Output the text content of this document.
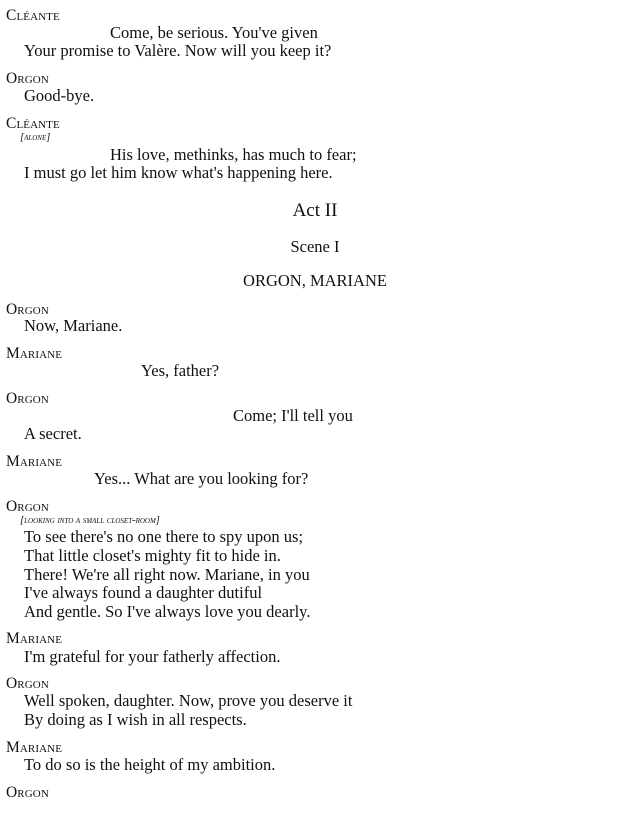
Cléante
Come, be serious. You've given
Your promise to Valère. Now will you keep it?
Orgon
Good-bye.
Cléante
[alone]
His love, methinks, has much to fear;
I must go let him know what's happening here.
Act II
Scene I
ORGON, MARIANE
Orgon
Now, Mariane.
Mariane
Yes, father?
Orgon
Come; I'll tell you
A secret.
Mariane
Yes... What are you looking for?
Orgon
[looking into a small closet-room]
To see there's no one there to spy upon us;
That little closet's mighty fit to hide in.
There! We're all right now. Mariane, in you
I've always found a daughter dutiful
And gentle. So I've always love you dearly.
Mariane
I'm grateful for your fatherly affection.
Orgon
Well spoken, daughter. Now, prove you deserve it
By doing as I wish in all respects.
Mariane
To do so is the height of my ambition.
Orgon
